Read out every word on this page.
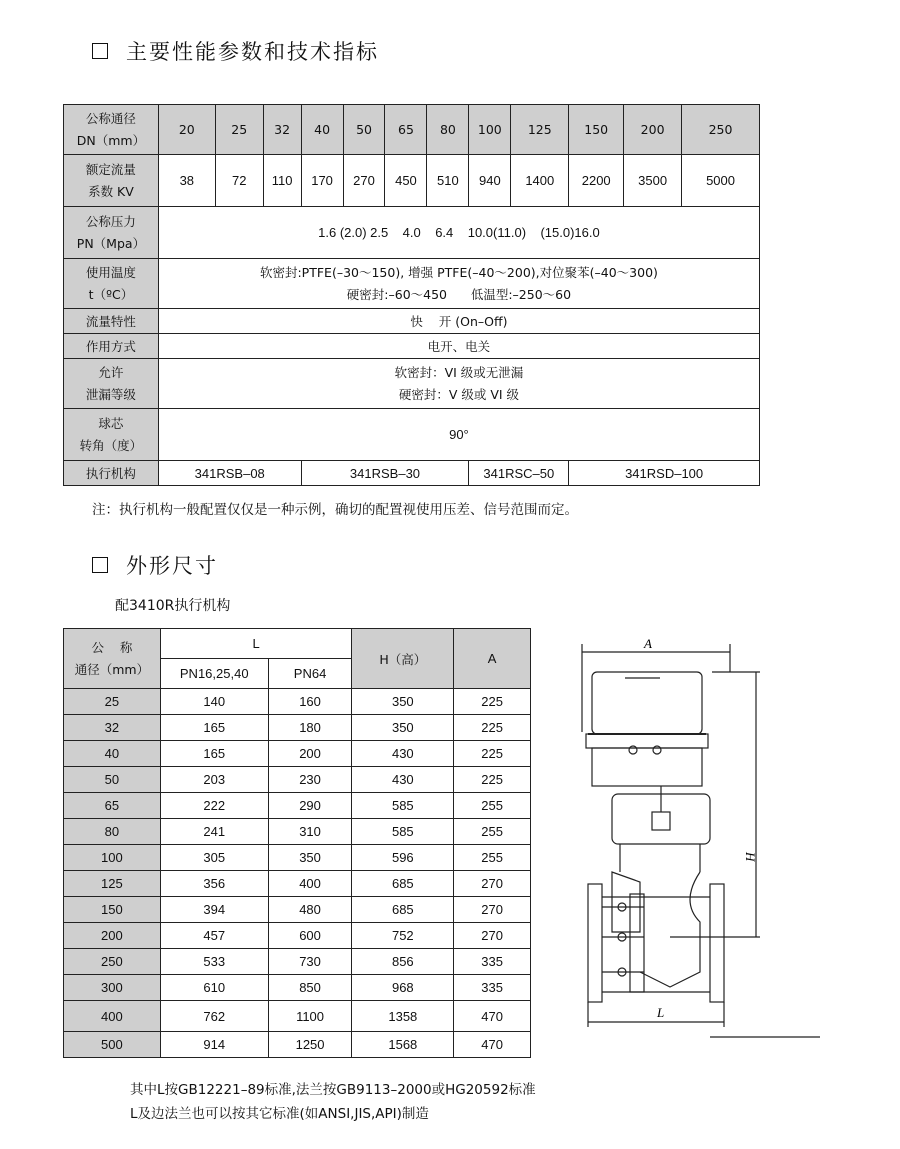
主要性能参数和技术指标
公称通径
DN（mm）	20	25	32	40	50	65	80	100	125	150	200	250

额定流量
系数 KV	38	72	110	170	270	450	510	940	1400	2200	3500	5000

公称压力
PN（Mpa）	1.6 (2.0) 2.5    4.0    6.4    10.0(11.0)    (15.0)16.0											

使用温度
t（ºC）	软密封:PTFE(–30～150), 增强 PTFE(–40～200),对位聚苯(–40～300)
硬密封:–60～450      低温型:–250～60											

流量特性	快    开 (On–Off)											
作用方式	电开、电关											

允许
泄漏等级	软密封：VI 级或无泄漏
硬密封：V 级或 VI 级											

球芯
转角（度）	90°											
执行机构	341RSB–08			341RSB–30				341RSC–50		341RSD–100		
注：执行机构一般配置仅仅是一种示例，确切的配置视使用压差、信号范围而定。
外形尺寸
配3410R执行机构
公    称
通径（mm）	L		H（高）	A
	PN16,25,40	PN64		
25	140	160	350	225
32	165	180	350	225
40	165	200	430	225
50	203	230	430	225
65	222	290	585	255
80	241	310	585	255
100	305	350	596	255
125	356	400	685	270
150	394	480	685	270
200	457	600	752	270
250	533	730	856	335
300	610	850	968	335
400	762	1100	1358	470
500	914	1250	1568	470
A
H
L
其中L按GB12221–89标准,法兰按GB9113–2000或HG20592标准
L及边法兰也可以按其它标准(如ANSI,JIS,API)制造
